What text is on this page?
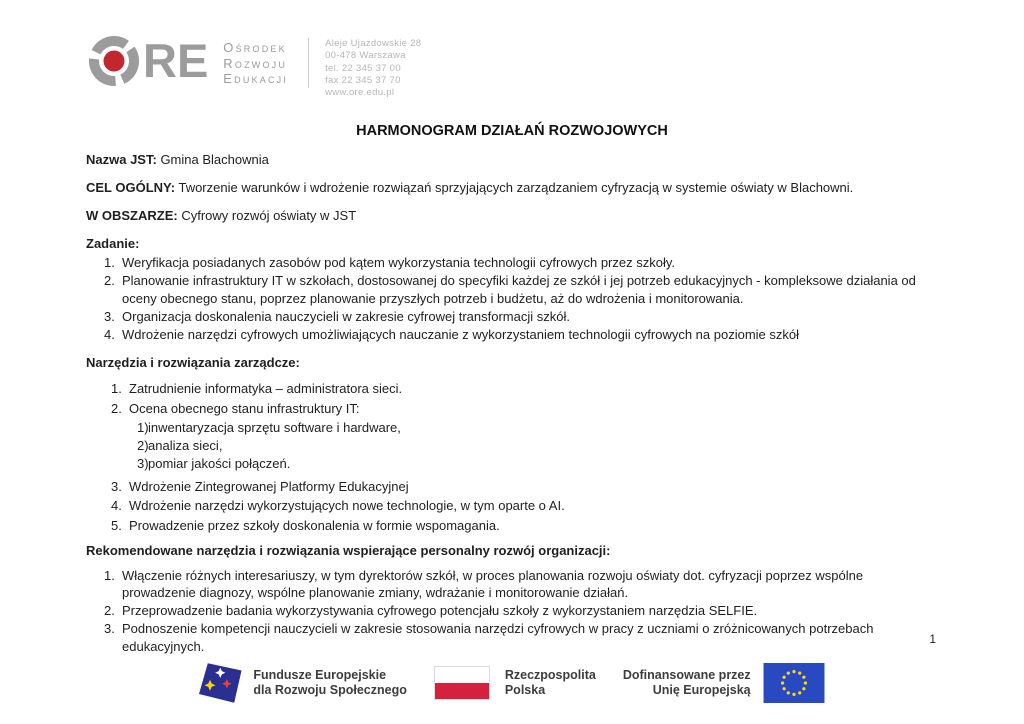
RE Ośrodek
Rozwoju
Edukacji
Aleje Ujazdowskie 28
00-478 Warszawa
tel. 22 345 37 00
fax 22 345 37 70
www.ore.edu.pl
HARMONOGRAM DZIAŁAŃ ROZWOJOWYCH
Nazwa JST: Gmina Blachownia
CEL OGÓLNY: Tworzenie warunków i wdrożenie rozwiązań sprzyjających zarządzaniem cyfryzacją w systemie oświaty w Blachowni.
W OBSZARZE: Cyfrowy rozwój oświaty w JST
Zadanie:
1. Weryfikacja posiadanych zasobów pod kątem wykorzystania technologii cyfrowych przez szkoły.
2. Planowanie infrastruktury IT w szkołach, dostosowanej do specyfiki każdej ze szkół i jej potrzeb edukacyjnych - kompleksowe działania od oceny obecnego stanu, poprzez planowanie przyszłych potrzeb i budżetu, aż do wdrożenia i monitorowania.
3. Organizacja doskonalenia nauczycieli w zakresie cyfrowej transformacji szkół.
4. Wdrożenie narzędzi cyfrowych umożliwiających nauczanie z wykorzystaniem technologii cyfrowych na poziomie szkół
Narzędzia i rozwiązania zarządcze:
1. Zatrudnienie informatyka – administratora sieci.
2. Ocena obecnego stanu infrastruktury IT:
1) inwentaryzacja sprzętu software i hardware,
2) analiza sieci,
3) pomiar jakości połączeń.
3. Wdrożenie Zintegrowanej Platformy Edukacyjnej
4. Wdrożenie narzędzi wykorzystujących nowe technologie, w tym oparte o AI.
5. Prowadzenie przez szkoły doskonalenia w formie wspomagania.
Rekomendowane narzędzia i rozwiązania wspierające personalny rozwój organizacji:
1. Włączenie różnych interesariuszy, w tym dyrektorów szkół, w proces planowania rozwoju oświaty dot. cyfryzacji poprzez wspólne prowadzenie diagnozy, wspólne planowanie zmiany, wdrażanie i monitorowanie działań.
2. Przeprowadzenie badania wykorzystywania cyfrowego potencjału szkoły z wykorzystaniem narzędzia SELFIE.
3. Podnoszenie kompetencji nauczycieli w zakresie stosowania narzędzi cyfrowych w pracy z uczniami o zróżnicowanych potrzebach edukacyjnych.	1
Fundusze Europejskie
dla Rozwoju Społecznego
Rzeczpospolita
Polska
Dofinansowane przez
Unię Europejską
